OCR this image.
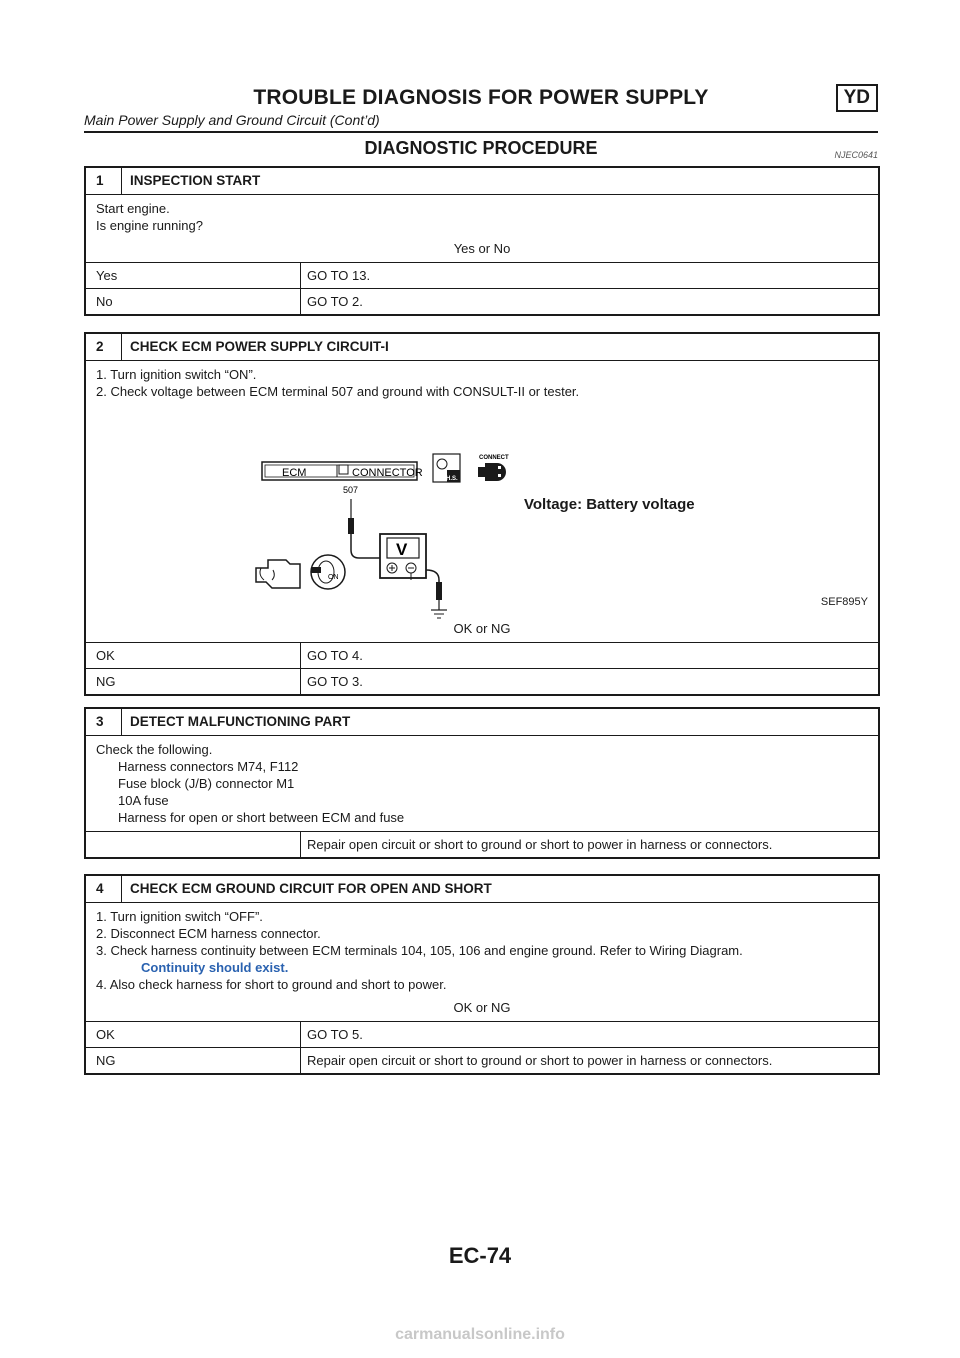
TROUBLE DIAGNOSIS FOR POWER SUPPLY	YD
Main Power Supply and Ground Circuit (Cont’d)
DIAGNOSTIC PROCEDURE	NJEC0641
1	INSPECTION START
Start engine.
Is engine running?
Yes or No
Yes	GO TO 13.
No	GO TO 2.
2	CHECK ECM POWER SUPPLY CIRCUIT-I
1. Turn ignition switch “ON”.
2. Check voltage between ECM terminal 507 and ground with CONSULT-II or tester.
ECM	CONNECTOR
507
H.S.
CONNECT
V
ON
Voltage: Battery voltage
SEF895Y
OK or NG
OK	GO TO 4.
NG	GO TO 3.
3	DETECT MALFUNCTIONING PART
Check the following.
Harness connectors M74, F112
Fuse block (J/B) connector M1
10A fuse
Harness for open or short between ECM and fuse
Repair open circuit or short to ground or short to power in harness or connectors.
4	CHECK ECM GROUND CIRCUIT FOR OPEN AND SHORT
1. Turn ignition switch “OFF”.
2. Disconnect ECM harness connector.
3. Check harness continuity between ECM terminals 104, 105, 106 and engine ground. Refer to Wiring Diagram.
Continuity should exist.
4. Also check harness for short to ground and short to power.
OK or NG
OK	GO TO 5.
NG	Repair open circuit or short to ground or short to power in harness or connectors.
EC-74
carmanualsonline.info
